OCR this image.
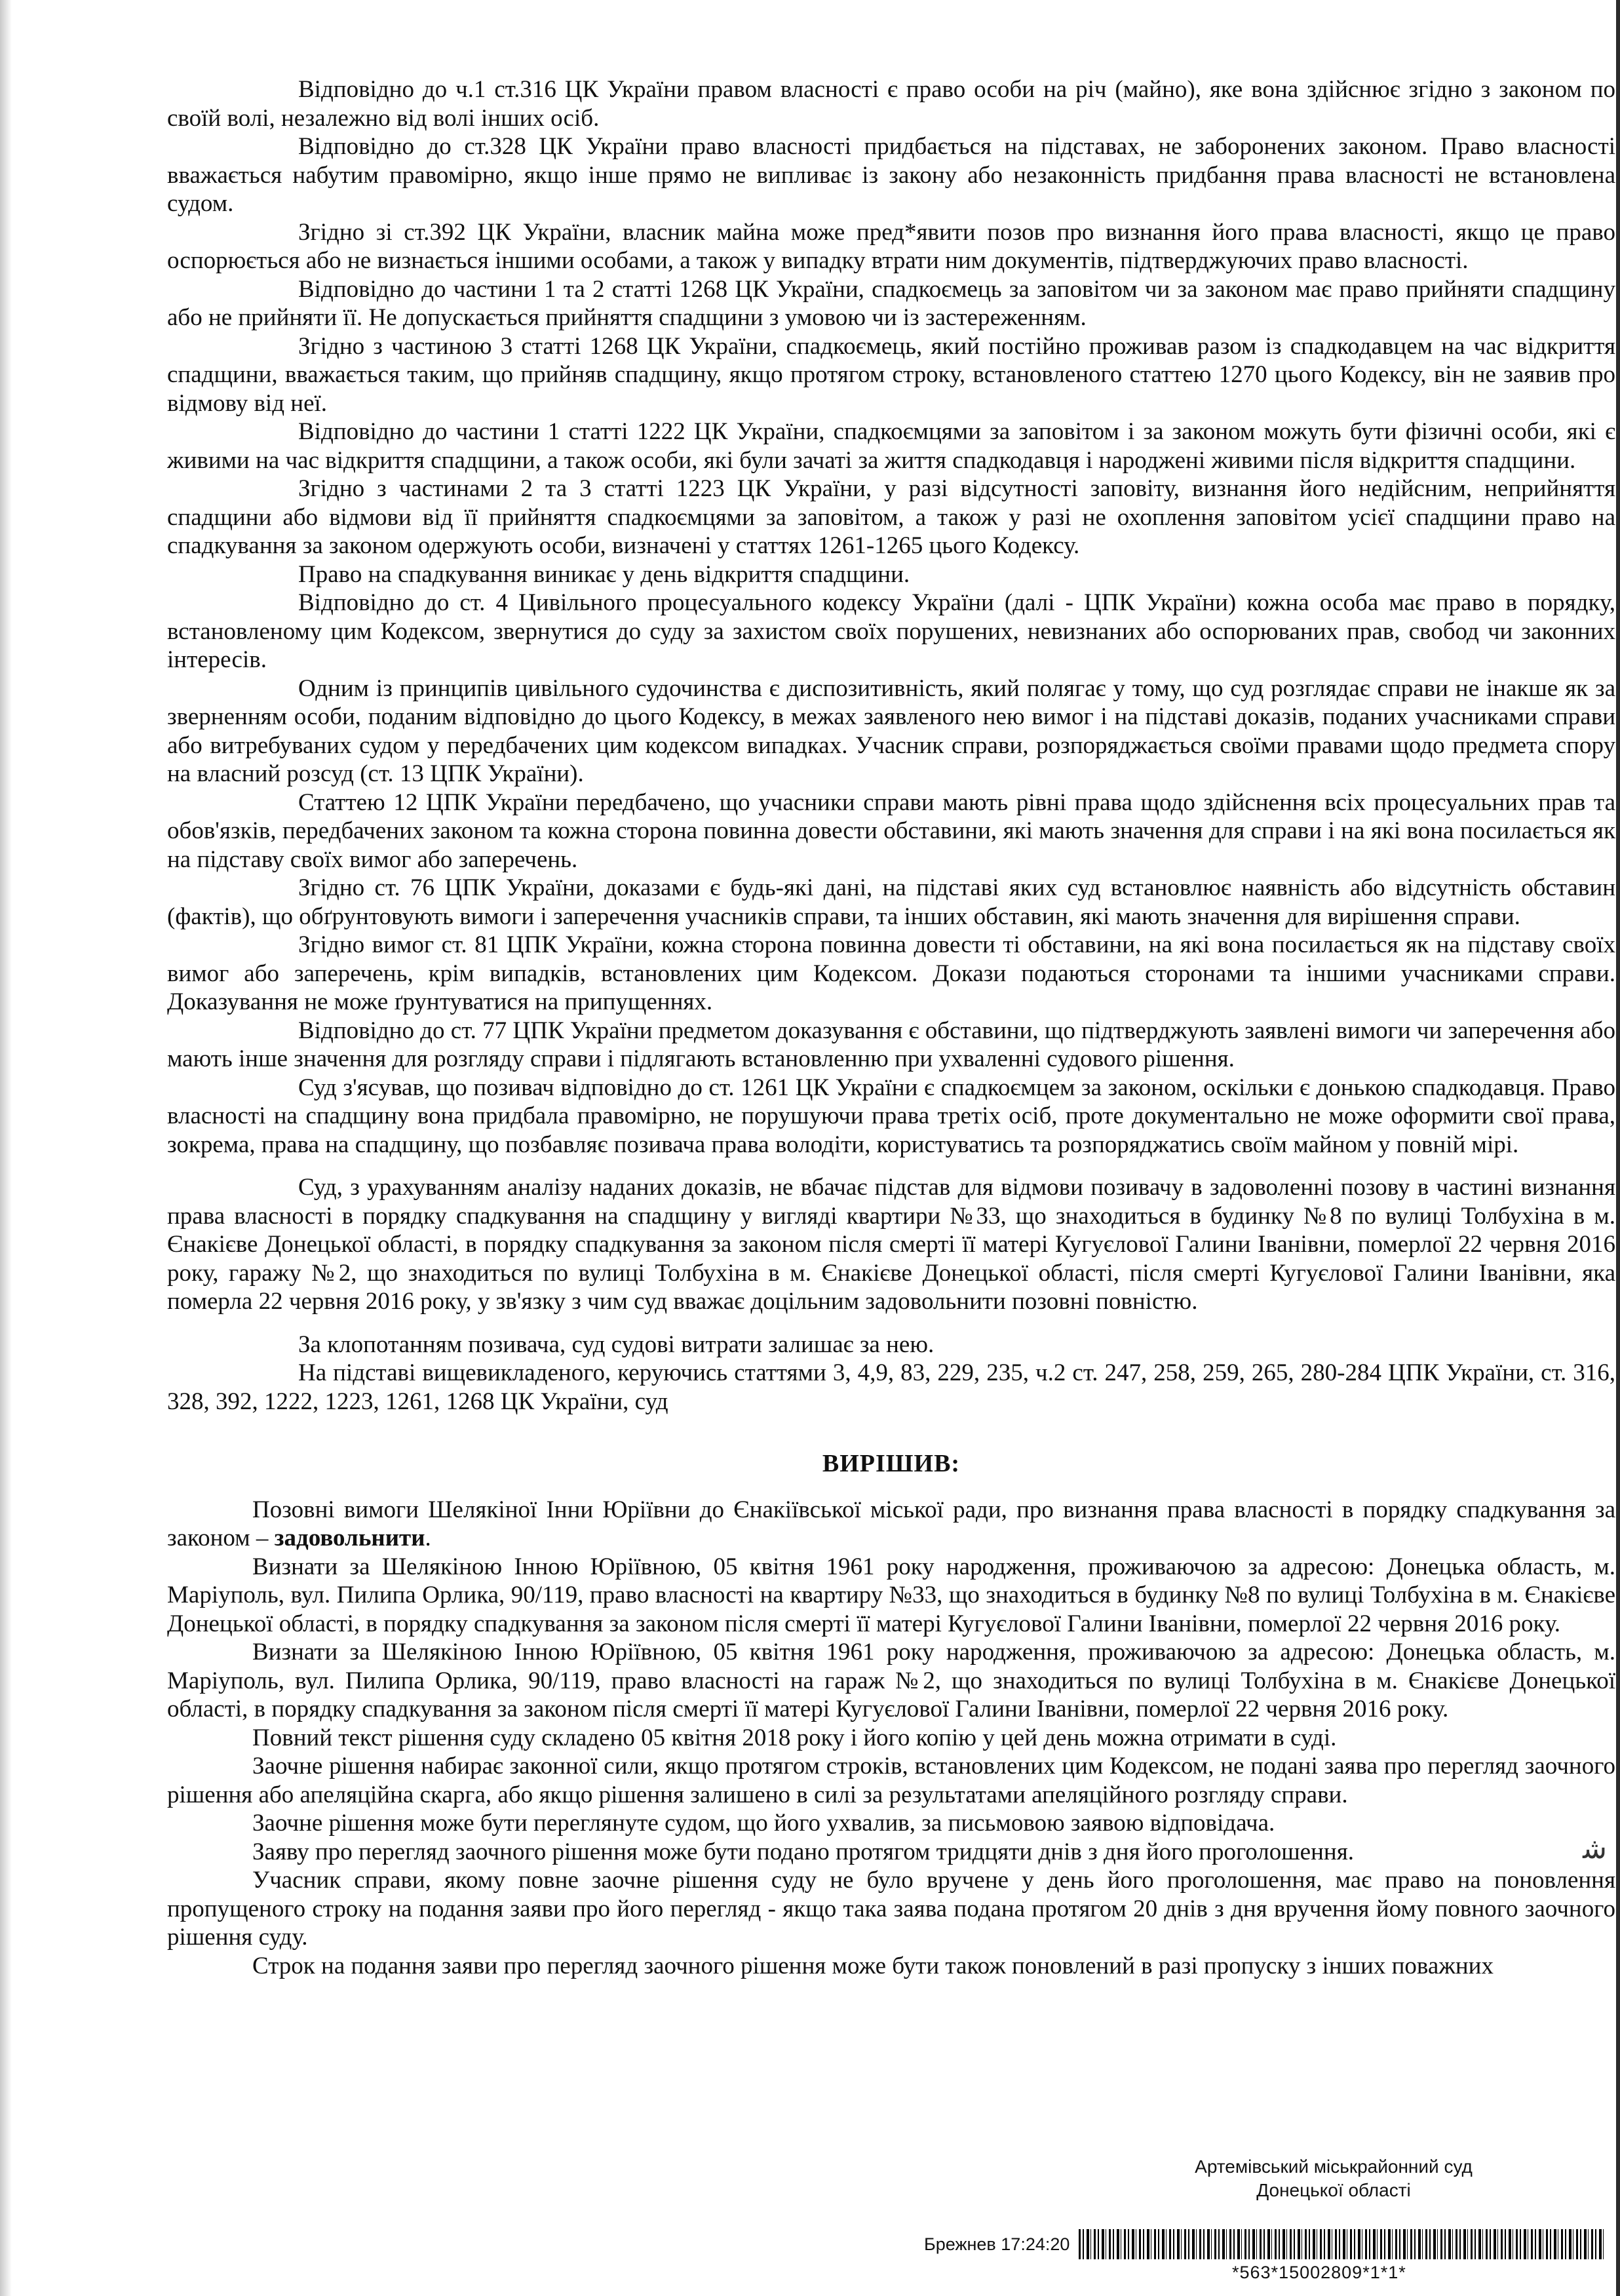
Відповідно до ч.1 ст.316 ЦК України правом власності є право особи на річ (майно), яке вона здійснює згідно з законом по своїй волі, незалежно від волі інших осіб.

Відповідно до ст.328 ЦК України право власності придбається на підставах, не заборонених законом. Право власності вважається набутим правомірно, якщо інше прямо не випливає із закону або незаконність придбання права власності не встановлена судом.

Згідно зі ст.392 ЦК України, власник майна може пред*явити позов про визнання його права власності, якщо це право оспорюється або не визнається іншими особами, а також у випадку втрати ним документів, підтверджуючих право власності.

Відповідно до частини 1 та 2 статті 1268 ЦК України, спадкоємець за заповітом чи за законом має право прийняти спадщину або не прийняти її. Не допускається прийняття спадщини з умовою чи із застереженням.

Згідно з частиною 3 статті 1268 ЦК України, спадкоємець, який постійно проживав разом із спадкодавцем на час відкриття спадщини, вважається таким, що прийняв спадщину, якщо протягом строку, встановленого статтею 1270 цього Кодексу, він не заявив про відмову від неї.

Відповідно до частини 1 статті 1222 ЦК України, спадкоємцями за заповітом і за законом можуть бути фізичні особи, які є живими на час відкриття спадщини, а також особи, які були зачаті за життя спадкодавця і народжені живими після відкриття спадщини.

Згідно з частинами 2 та 3 статті 1223 ЦК України, у разі відсутності заповіту, визнання його недійсним, неприйняття спадщини або відмови від її прийняття спадкоємцями за заповітом, а також у разі не охоплення заповітом усієї спадщини право на спадкування за законом одержують особи, визначені у статтях 1261-1265 цього Кодексу.

Право на спадкування виникає у день відкриття спадщини.

Відповідно до ст. 4 Цивільного процесуального кодексу України (далі - ЦПК України) кожна особа має право в порядку, встановленому цим Кодексом, звернутися до суду за захистом своїх порушених, невизнаних або оспорюваних прав, свобод чи законних інтересів.

Одним із принципів цивільного судочинства є диспозитивність, який полягає у тому, що суд розглядає справи не інакше як за зверненням особи, поданим відповідно до цього Кодексу, в межах заявленого нею вимог і на підставі доказів, поданих учасниками справи або витребуваних судом у передбачених цим кодексом випадках. Учасник справи, розпоряджається своїми правами щодо предмета спору на власний розсуд (ст. 13 ЦПК України).

Статтею 12 ЦПК України передбачено, що учасники справи мають рівні права щодо здійснення всіх процесуальних прав та обов'язків, передбачених законом та кожна сторона повинна довести обставини, які мають значення для справи і на які вона посилається як на підставу своїх вимог або заперечень.

Згідно ст. 76 ЦПК України, доказами є будь-які дані, на підставі яких суд встановлює наявність або відсутність обставин (фактів), що обґрунтовують вимоги і заперечення учасників справи, та інших обставин, які мають значення для вирішення справи.

Згідно вимог ст. 81 ЦПК України, кожна сторона повинна довести ті обставини, на які вона посилається як на підставу своїх вимог або заперечень, крім випадків, встановлених цим Кодексом. Докази подаються сторонами та іншими учасниками справи. Доказування не може ґрунтуватися на припущеннях.

Відповідно до ст. 77 ЦПК України предметом доказування є обставини, що підтверджують заявлені вимоги чи заперечення або мають інше значення для розгляду справи і підлягають встановленню при ухваленні судового рішення.

Суд з'ясував, що позивач відповідно до ст. 1261 ЦК України є спадкоємцем за законом, оскільки є донькою спадкодавця. Право власності на спадщину вона придбала правомірно, не порушуючи права третіх осіб, проте документально не може оформити свої права, зокрема, права на спадщину, що позбавляє позивача права володіти, користуватись та розпоряджатись своїм майном у повній мірі.

Суд, з урахуванням аналізу наданих доказів, не вбачає підстав для відмови позивачу в задоволенні позову в частині визнання права власності в порядку спадкування на спадщину у вигляді квартири №33, що знаходиться в будинку №8 по вулиці Толбухіна в м. Єнакієве Донецької області, в порядку спадкування за законом після смерті її матері Кугуєлової Галини Іванівни, померлої 22 червня 2016 року, гаражу №2, що знаходиться по вулиці Толбухіна в м. Єнакієве Донецької області, після смерті Кугуєлової Галини Іванівни, яка померла 22 червня 2016 року, у зв'язку з чим суд вважає доцільним задовольнити позовні повністю.

За клопотанням позивача, суд судові витрати залишає за нею.

На підставі вищевикладеного, керуючись статтями 3, 4,9, 83, 229, 235, ч.2 ст. 247, 258, 259, 265, 280-284 ЦПК України, ст. 316, 328, 392, 1222, 1223, 1261, 1268 ЦК України, суд

ВИРІШИВ:

Позовні вимоги Шелякіної Інни Юріївни до Єнакіївської міської ради, про визнання права власності в порядку спадкування за законом – задовольнити.

Визнати за Шелякіною Інною Юріївною, 05 квітня 1961 року народження, проживаючою за адресою: Донецька область, м. Маріуполь, вул. Пилипа Орлика, 90/119, право власності на квартиру №33, що знаходиться в будинку №8 по вулиці Толбухіна в м. Єнакієве Донецької області, в порядку спадкування за законом після смерті її матері Кугуєлової Галини Іванівни, померлої 22 червня 2016 року.

Визнати за Шелякіною Інною Юріївною, 05 квітня 1961 року народження, проживаючою за адресою: Донецька область, м. Маріуполь, вул. Пилипа Орлика, 90/119, право власності на гараж №2, що знаходиться по вулиці Толбухіна в м. Єнакієве Донецької області, в порядку спадкування за законом після смерті її матері Кугуєлової Галини Іванівни, померлої 22 червня 2016 року.

Повний текст рішення суду складено 05 квітня 2018 року і його копію у цей день можна отримати в суді.

Заочне рішення набирає законної сили, якщо протягом строків, встановлених цим Кодексом, не подані заява про перегляд заочного рішення або апеляційна скарга, або якщо рішення залишено в силі за результатами апеляційного розгляду справи.

Заочне рішення може бути переглянуте судом, що його ухвалив, за письмовою заявою відповідача.

Заяву про перегляд заочного рішення може бути подано протягом тридцяти днів з дня його проголошення.

Учасник справи, якому повне заочне рішення суду не було вручене у день його проголошення, має право на поновлення пропущеного строку на подання заяви про його перегляд - якщо така заява подана протягом 20 днів з дня вручення йому повного заочного рішення суду.

Строк на подання заяви про перегляд заочного рішення може бути також поновлений в разі пропуску з інших поважних

ﺷ
Артемівський міськрайонний суд
Донецької області
Брежнев 17:24:20
*563*15002809*1*1*
